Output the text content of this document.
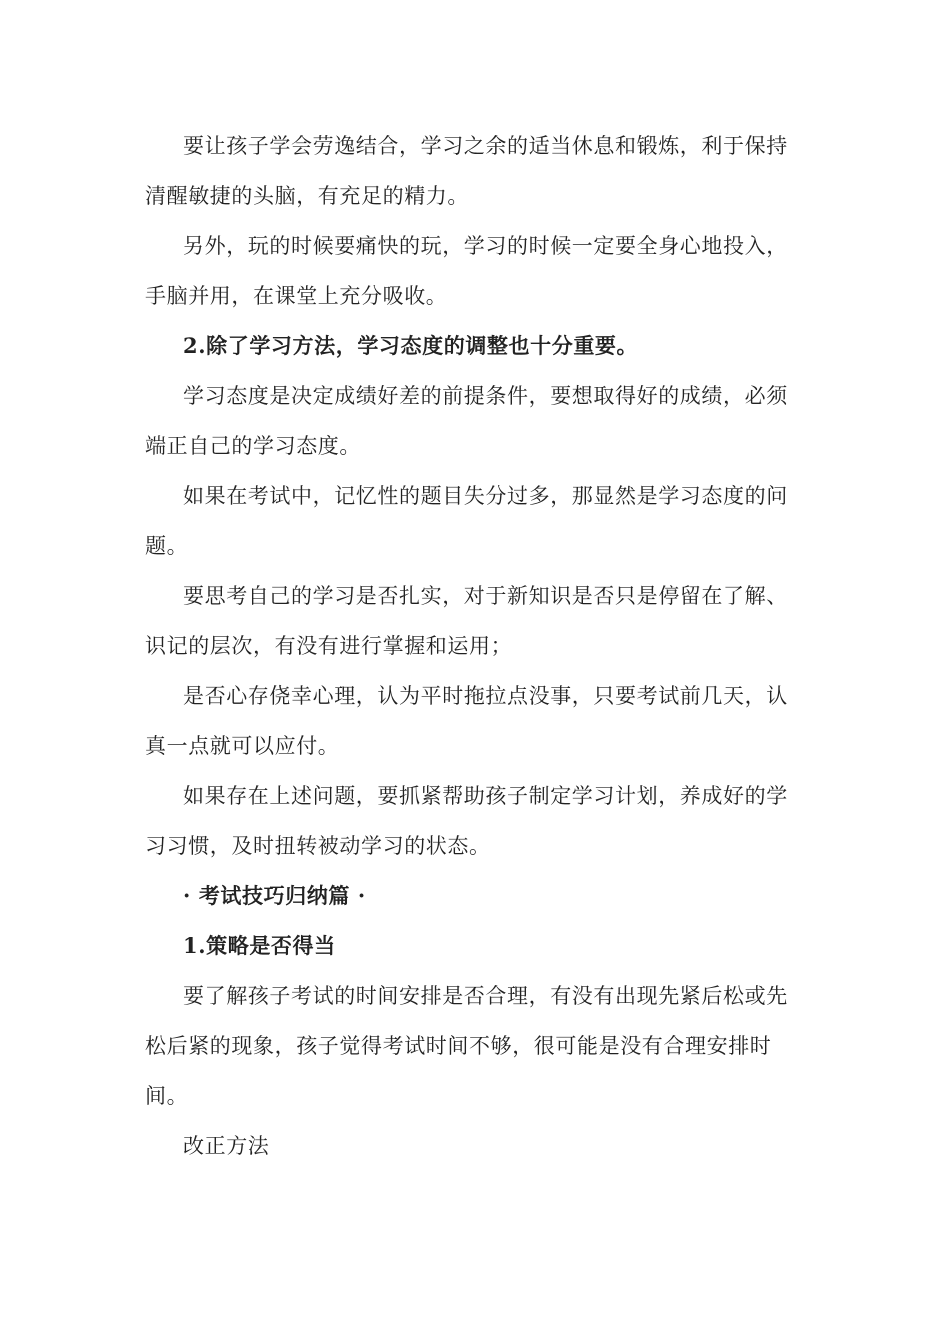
要让孩子学会劳逸结合，学习之余的适当休息和锻炼，利于保持清醒敏捷的头脑，有充足的精力。

另外，玩的时候要痛快的玩，学习的时候一定要全身心地投入，手脑并用，在课堂上充分吸收。

2.除了学习方法，学习态度的调整也十分重要。

学习态度是决定成绩好差的前提条件，要想取得好的成绩，必须端正自己的学习态度。

如果在考试中，记忆性的题目失分过多，那显然是学习态度的问题。

要思考自己的学习是否扎实，对于新知识是否只是停留在了解、识记的层次，有没有进行掌握和运用；

是否心存侥幸心理，认为平时拖拉点没事，只要考试前几天，认真一点就可以应付。

如果存在上述问题，要抓紧帮助孩子制定学习计划，养成好的学习习惯，及时扭转被动学习的状态。

· 考试技巧归纳篇 ·

1.策略是否得当

要了解孩子考试的时间安排是否合理，有没有出现先紧后松或先松后紧的现象，孩子觉得考试时间不够，很可能是没有合理安排时间。

改正方法
